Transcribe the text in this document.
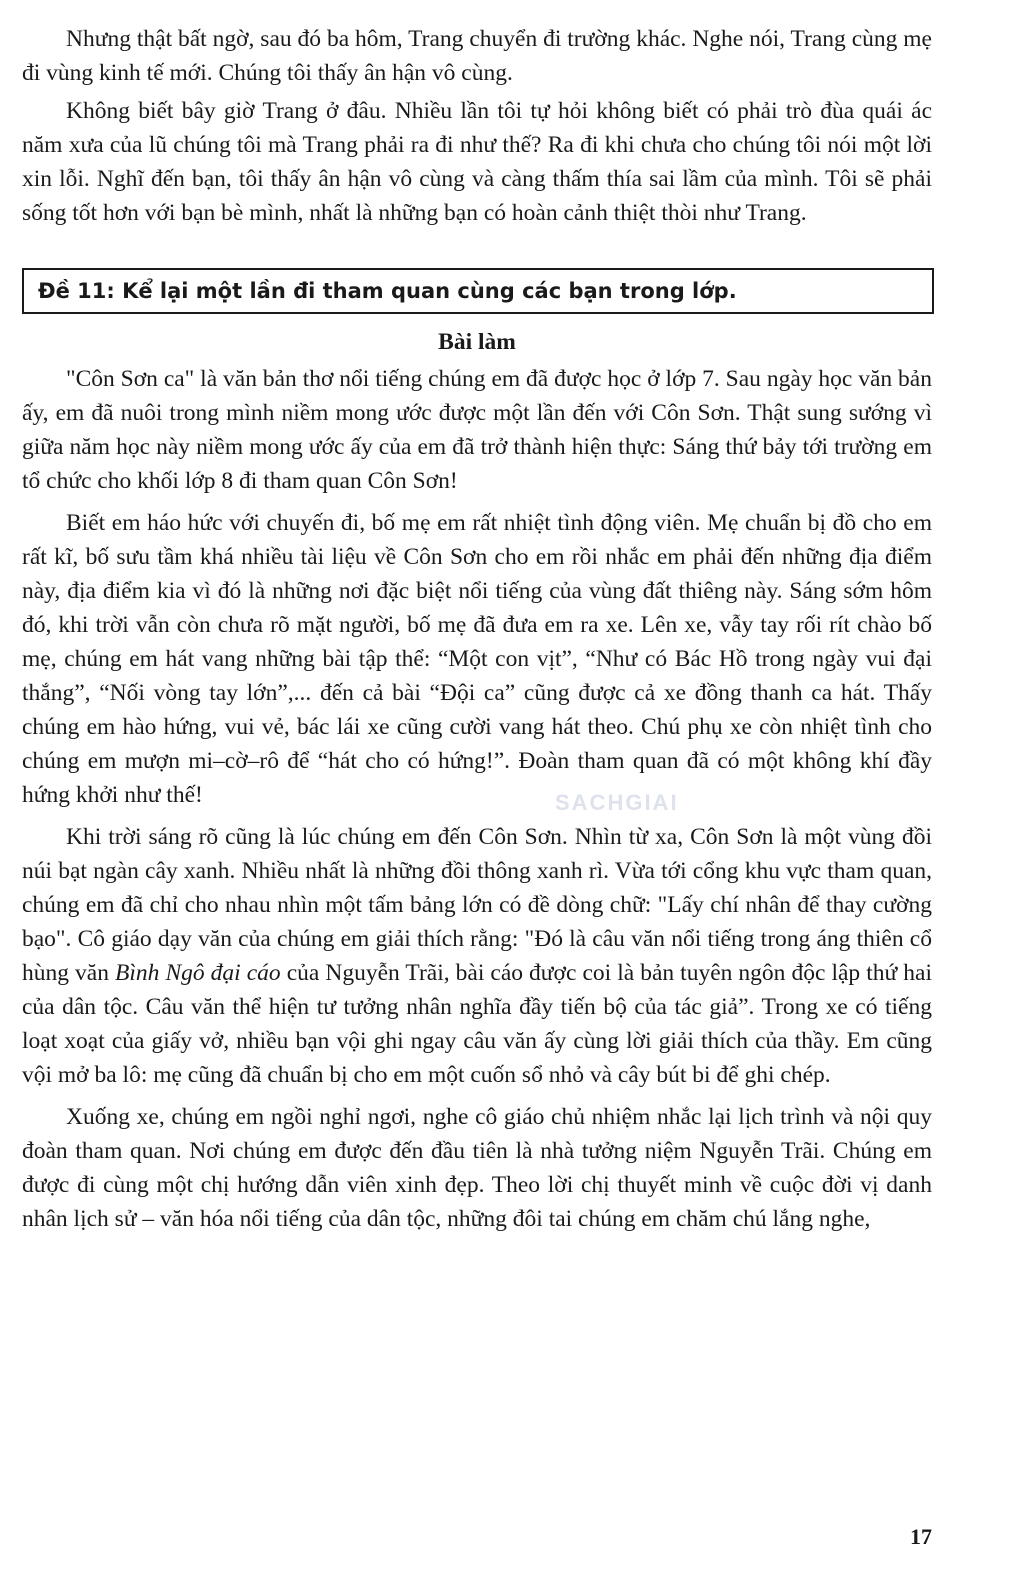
Nhưng thật bất ngờ, sau đó ba hôm, Trang chuyển đi trường khác. Nghe nói, Trang cùng mẹ đi vùng kinh tế mới. Chúng tôi thấy ân hận vô cùng.

Không biết bây giờ Trang ở đâu. Nhiều lần tôi tự hỏi không biết có phải trò đùa quái ác năm xưa của lũ chúng tôi mà Trang phải ra đi như thế? Ra đi khi chưa cho chúng tôi nói một lời xin lỗi. Nghĩ đến bạn, tôi thấy ân hận vô cùng và càng thấm thía sai lầm của mình. Tôi sẽ phải sống tốt hơn với bạn bè mình, nhất là những bạn có hoàn cảnh thiệt thòi như Trang.

Đề 11: Kể lại một lần đi tham quan cùng các bạn trong lớp.
Bài làm

"Côn Sơn ca" là văn bản thơ nổi tiếng chúng em đã được học ở lớp 7. Sau ngày học văn bản ấy, em đã nuôi trong mình niềm mong ước được một lần đến với Côn Sơn. Thật sung sướng vì giữa năm học này niềm mong ước ấy của em đã trở thành hiện thực: Sáng thứ bảy tới trường em tổ chức cho khối lớp 8 đi tham quan Côn Sơn!

Biết em háo hức với chuyến đi, bố mẹ em rất nhiệt tình động viên. Mẹ chuẩn bị đồ cho em rất kĩ, bố sưu tầm khá nhiều tài liệu về Côn Sơn cho em rồi nhắc em phải đến những địa điểm này, địa điểm kia vì đó là những nơi đặc biệt nổi tiếng của vùng đất thiêng này. Sáng sớm hôm đó, khi trời vẫn còn chưa rõ mặt người, bố mẹ đã đưa em ra xe. Lên xe, vẫy tay rối rít chào bố mẹ, chúng em hát vang những bài tập thể: “Một con vịt”, “Như có Bác Hồ trong ngày vui đại thắng”, “Nối vòng tay lớn”,... đến cả bài “Đội ca” cũng được cả xe đồng thanh ca hát. Thấy chúng em hào hứng, vui vẻ, bác lái xe cũng cười vang hát theo. Chú phụ xe còn nhiệt tình cho chúng em mượn mi–cờ–rô để “hát cho có hứng!”. Đoàn tham quan đã có một không khí đầy hứng khởi như thế!

Khi trời sáng rõ cũng là lúc chúng em đến Côn Sơn. Nhìn từ xa, Côn Sơn là một vùng đồi núi bạt ngàn cây xanh. Nhiều nhất là những đồi thông xanh rì. Vừa tới cổng khu vực tham quan, chúng em đã chỉ cho nhau nhìn một tấm bảng lớn có đề dòng chữ: "Lấy chí nhân để thay cường bạo". Cô giáo dạy văn của chúng em giải thích rằng: "Đó là câu văn nổi tiếng trong áng thiên cổ hùng văn Bình Ngô đại cáo của Nguyễn Trãi, bài cáo được coi là bản tuyên ngôn độc lập thứ hai của dân tộc. Câu văn thể hiện tư tưởng nhân nghĩa đầy tiến bộ của tác giả”. Trong xe có tiếng loạt xoạt của giấy vở, nhiều bạn vội ghi ngay câu văn ấy cùng lời giải thích của thầy. Em cũng vội mở ba lô: mẹ cũng đã chuẩn bị cho em một cuốn sổ nhỏ và cây bút bi để ghi chép.

Xuống xe, chúng em ngồi nghỉ ngơi, nghe cô giáo chủ nhiệm nhắc lại lịch trình và nội quy đoàn tham quan. Nơi chúng em được đến đầu tiên là nhà tưởng niệm Nguyễn Trãi. Chúng em được đi cùng một chị hướng dẫn viên xinh đẹp. Theo lời chị thuyết minh về cuộc đời vị danh nhân lịch sử – văn hóa nổi tiếng của dân tộc, những đôi tai chúng em chăm chú lắng nghe,

SACHGIAI
17
